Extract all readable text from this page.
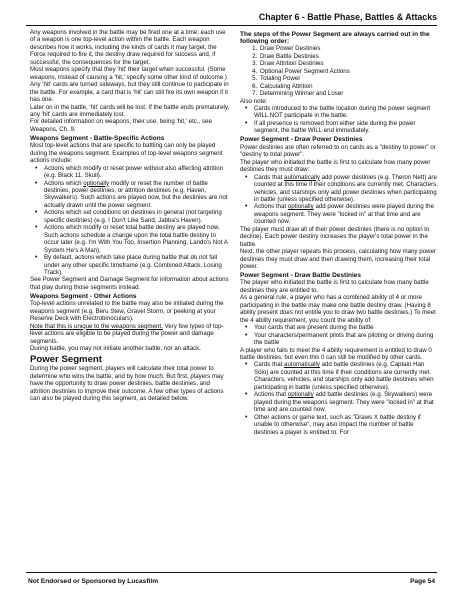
Chapter 6 - Battle Phase, Battles & Attacks

Any weapons involved in the battle may be fired one at a time; each use of a weapon is one top-level action within the battle. Each weapon describes how it works, including the kinds of cards it may target, the Force required to fire it, the destiny draw required for success and, if successful, the consequences for the target.

Most weapons specify that they 'hit' their target when successful. (Some weapons, instead of causing a 'hit,' specify some other kind of outcome.) Any 'hit' cards are turned sideways, but they still continue to participate in the battle. For example, a card that is 'hit' can still fire its own weapon if it has one.

Later on in the battle, 'hit' cards will be lost. If the battle ends prematurely, any 'hit' cards are immediately lost.

For detailed information on weapons, their use, being 'hit,' etc., see Weapons, Ch. 9.

Weapons Segment - Battle-Specific Actions

Most top-level actions that are specific to battling can only be played during the weapons segment. Examples of top-level weapons segment actions include:

• Actions which modify or reset power without also affecting attrition (e.g. Black 11, Skull).
• Actions which optionally modify or reset the number of battle destinies, power destinies, or attrition destinies (e.g. Haven, Skywalkers). Such actions are played now, but the destinies are not actually drawn until the power segment.
• Actions which set conditions on destinies in general (not targeting specific destinies) (e.g. I Don't Like Sand, Jabba's Haven).
• Actions which modify or reset total battle destiny are played now. Such actions schedule a change upon the total battle destiny to occur later (e.g. I'm With You Too, Insertion Planning, Lando's Not A System He's A Man).
• By default, actions which take place during battle that do not fall under any other specific timeframe (e.g. Combined Attack, Losing Track).

See Power Segment and Damage Segment for information about actions that play during those segments instead.

Weapons Segment - Other Actions

Top-level actions unrelated to the battle may also be initiated during the weapons segment (e.g. Beru Stew, Gravel Storm, or peeking at your Reserve Deck with Electrobinoculars).

Note that this is unique to the weapons segment. Very few types of top-level actions are eligible to be played during the power and damage segments.

During battle, you may not initiate another battle, nor an attack.

Power Segment

During the power segment, players will calculate their total power to determine who wins the battle, and by how much. But first, players may have the opportunity to draw power destinies, battle destinies, and attrition destinies to improve their outcome. A few other types of actions can also be played during this segment, as detailed below.

The steps of the Power Segment are always carried out in the following order:

1. Draw Power Destinies
2. Draw Battle Destinies
3. Draw Attrition Destinies
4. Optional Power Segment Actions
5. Totaling Power
6. Calculating Attrition
7. Determining Winner and Loser

Also note:

• Cards introduced to the battle location during the power segment WILL NOT participate in the battle.
• If all presence is removed from either side during the power segment, the battle WILL end immediately.

Power Segment - Draw Power Destinies

Power destinies are often referred to on cards as a "destiny to power" or "destiny to total power".

The player who initiated the battle is first to calculate how many power destinies they must draw:

• Cards that automatically add power destinies (e.g. Theron Nett) are counted at this time if their conditions are currently met. Characters, vehicles, and starships only add power destinies when participating in battle (unless specified otherwise).
• Actions that optionally add power destinies were played during the weapons segment. They were "locked in" at that time and are counted now.

The player must draw all of their power destinies (there is no option to decline). Each power destiny increases the player's total power in the battle.

Next, the other player repeats this process, calculating how many power destinies they must draw and then drawing them, increasing their total power.

Power Segment - Draw Battle Destinies

The player who initiated the battle is first to calculate how many battle destinies they are entitled to.

As a general rule, a player who has a combined ability of 4 or more participating in the battle may make one battle destiny draw. (Having 8 ability present does not entitle you to draw two battle destinies.) To meet the 4 ability requirement, you count the ability of:

• Your cards that are present during the battle
• Your characters/permanent pilots that are piloting or driving during the battle

A player who fails to meet the 4 ability requirement is entitled to draw 0 battle destinies, but even this 0 can still be modified by other cards.

• Cards that automatically add battle destinies (e.g. Captain Han Solo) are counted at this time if their conditions are currently met. Characters, vehicles, and starships only add battle destinies when participating in battle (unless specified otherwise).
• Actions that optionally add battle destinies (e.g. Skywalkers) were played during the weapons segment. They were "locked in" at that time and are counted now.
• Other actions or game text, such as "Draws X battle destiny if unable to otherwise", may also impact the number of battle destinies a player is entitled to. For
Not Endorsed or Sponsored by Lucasfilm	Page 54
